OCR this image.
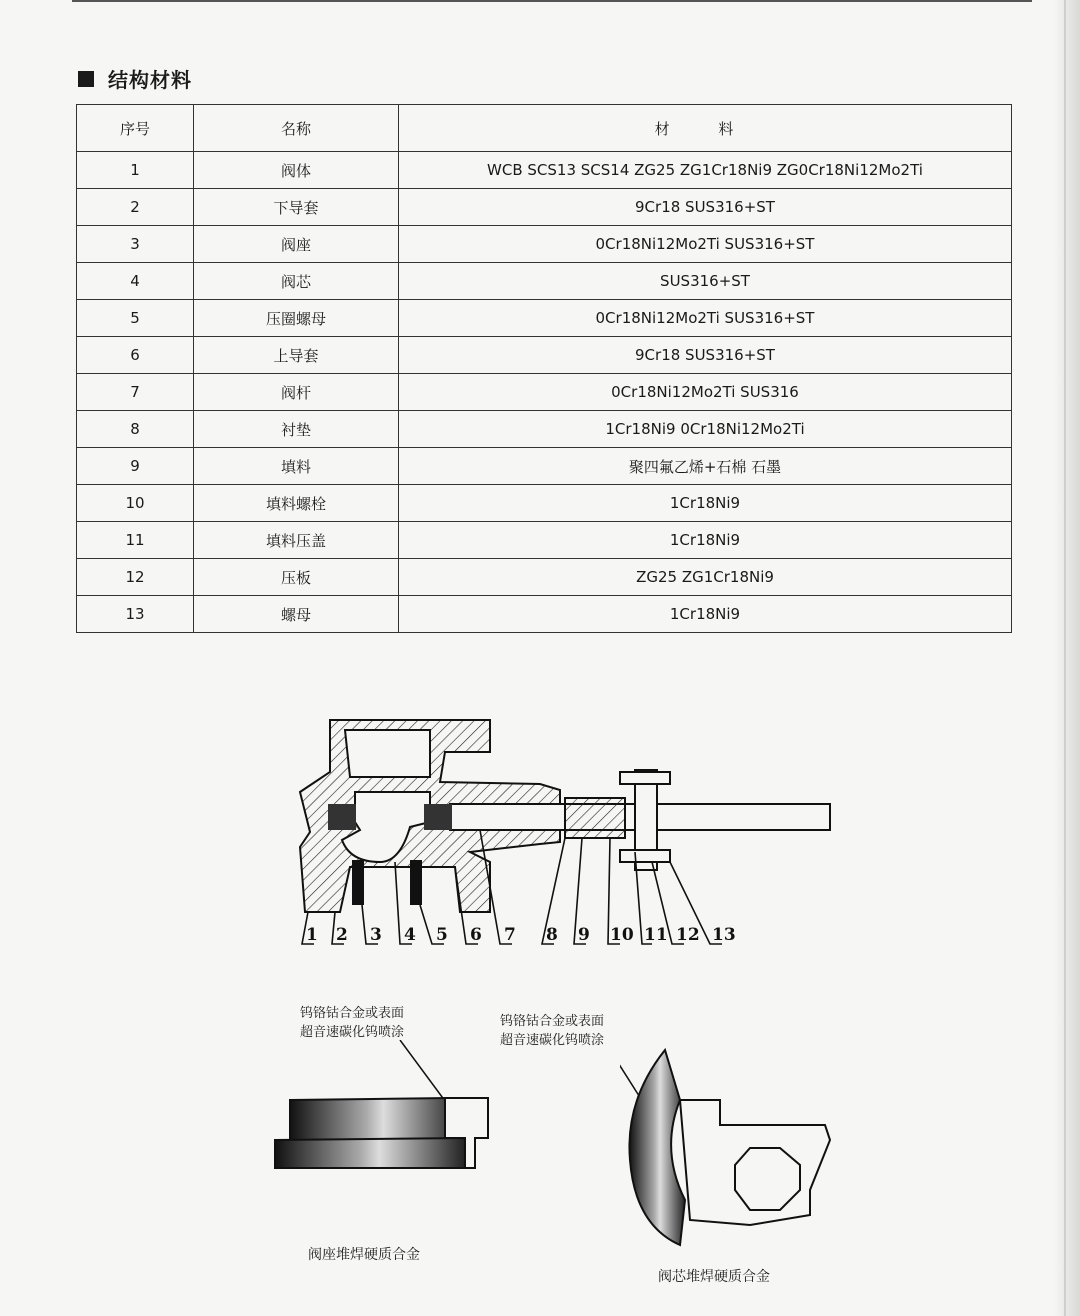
结构材料
序号	名称	材 料
1	阀体	WCB SCS13 SCS14 ZG25 ZG1Cr18Ni9 ZG0Cr18Ni12Mo2Ti
2	下导套	9Cr18 SUS316+ST
3	阀座	0Cr18Ni12Mo2Ti SUS316+ST
4	阀芯	SUS316+ST
5	压圈螺母	0Cr18Ni12Mo2Ti SUS316+ST
6	上导套	9Cr18 SUS316+ST
7	阀杆	0Cr18Ni12Mo2Ti SUS316
8	衬垫	1Cr18Ni9 0Cr18Ni12Mo2Ti
9	填料	聚四氟乙烯+石棉 石墨
10	填料螺栓	1Cr18Ni9
11	填料压盖	1Cr18Ni9
12	压板	ZG25 ZG1Cr18Ni9
13	螺母	1Cr18Ni9
1 2 3 4 5 6 7 8 9 10 11 12 13
钨铬钴合金或表面
超音速碳化钨喷涂
阀座堆焊硬质合金
钨铬钴合金或表面
超音速碳化钨喷涂
阀芯堆焊硬质合金
